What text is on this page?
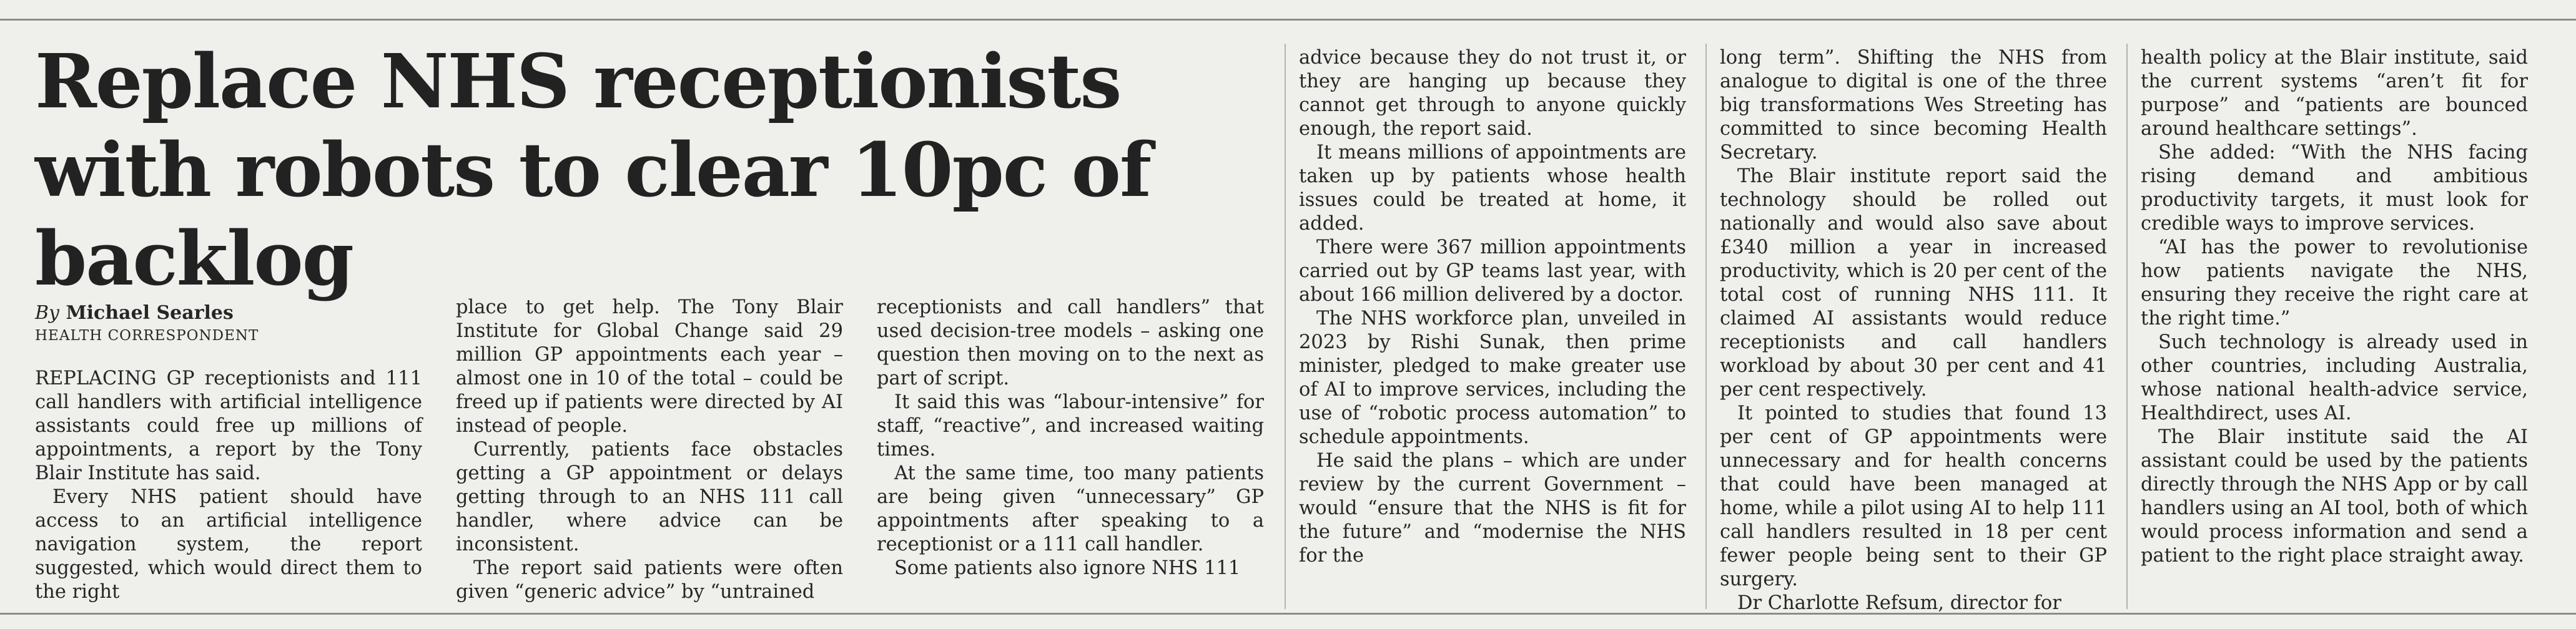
Replace NHS receptionists with robots to clear 10pc of backlog
By Michael Searles
HEALTH CORRESPONDENT

REPLACING GP receptionists and 111 call handlers with artificial intelligence assistants could free up millions of appointments, a report by the Tony Blair Institute has said.

Every NHS patient should have access to an artificial intelligence navigation system, the report suggested, which would direct them to the right

place to get help. The Tony Blair Institute for Global Change said 29 million GP appointments each year – almost one in 10 of the total – could be freed up if patients were directed by AI instead of people.

Currently, patients face obstacles getting a GP appointment or delays getting through to an NHS 111 call handler, where advice can be inconsistent.

The report said patients were often given “generic advice” by “untrained

receptionists and call handlers” that used decision-tree models – asking one question then moving on to the next as part of script.

It said this was “labour-intensive” for staff, “reactive”, and increased waiting times.

At the same time, too many patients are being given “unnecessary” GP appointments after speaking to a receptionist or a 111 call handler.

Some patients also ignore NHS 111

advice because they do not trust it, or they are hanging up because they cannot get through to anyone quickly enough, the report said.

It means millions of appointments are taken up by patients whose health issues could be treated at home, it added.

There were 367 million appointments carried out by GP teams last year, with about 166 million delivered by a doctor.

The NHS workforce plan, unveiled in 2023 by Rishi Sunak, then prime minister, pledged to make greater use of AI to improve services, including the use of “robotic process automation” to schedule appointments.

He said the plans – which are under review by the current Government – would “ensure that the NHS is fit for the future” and “modernise the NHS for the

long term”. Shifting the NHS from analogue to digital is one of the three big transformations Wes Streeting has committed to since becoming Health Secretary.

The Blair institute report said the technology should be rolled out nationally and would also save about £340 million a year in increased productivity, which is 20 per cent of the total cost of running NHS 111. It claimed AI assistants would reduce receptionists and call handlers workload by about 30 per cent and 41 per cent respectively.

It pointed to studies that found 13 per cent of GP appointments were unnecessary and for health concerns that could have been managed at home, while a pilot using AI to help 111 call handlers resulted in 18 per cent fewer people being sent to their GP surgery.

Dr Charlotte Refsum, director for

health policy at the Blair institute, said the current systems “aren’t fit for purpose” and “patients are bounced around healthcare settings”.

She added: “With the NHS facing rising demand and ambitious productivity targets, it must look for credible ways to improve services.

“AI has the power to revolutionise how patients navigate the NHS, ensuring they receive the right care at the right time.”

Such technology is already used in other countries, including Australia, whose national health-advice service, Healthdirect, uses AI.

The Blair institute said the AI assistant could be used by the patients directly through the NHS App or by call handlers using an AI tool, both of which would process information and send a patient to the right place straight away.
